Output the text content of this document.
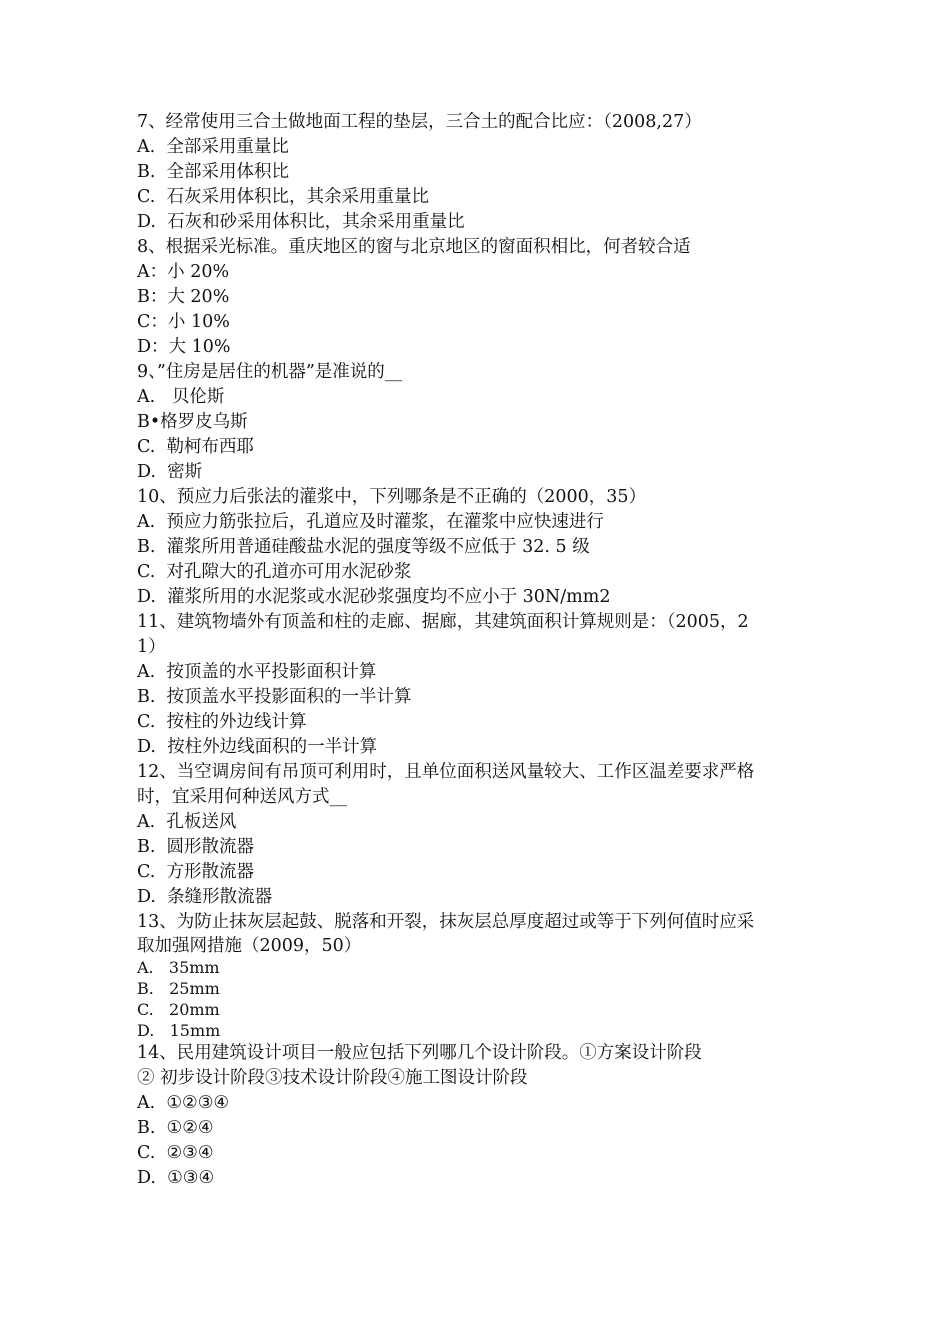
7、经常使用三合土做地面工程的垫层，三合土的配合比应：（2008,27）

A.  全部采用重量比

B.  全部采用体积比

C.  石灰采用体积比，其余采用重量比

D.  石灰和砂采用体积比，其余采用重量比

8、根据采光标准。重庆地区的窗与北京地区的窗面积相比，何者较合适

A：小 20%

B：大 20%

C：小 10%

D：大 10%

9、”住房是居住的机器”是准说的__

A.   贝伦斯

B•格罗皮乌斯

C.  勒柯布西耶

D.  密斯

10、预应力后张法的灌浆中，下列哪条是不正确的（2000，35）

A.  预应力筋张拉后，孔道应及时灌浆，在灌浆中应快速进行

B.  灌浆所用普通硅酸盐水泥的强度等级不应低于 32. 5 级

C.  对孔隙大的孔道亦可用水泥砂浆

D.  灌浆所用的水泥浆或水泥砂浆强度均不应小于 30N/mm2

11、建筑物墙外有顶盖和柱的走廊、据廊，其建筑面积计算规则是：（2005，2

1）

A.  按顶盖的水平投影面积计算

B.  按顶盖水平投影面积的一半计算

C.  按柱的外边线计算

D.  按柱外边线面积的一半计算

12、当空调房间有吊顶可利用时，且单位面积送风量较大、工作区温差要求严格

时，宜采用何种送风方式__

A.  孔板送风

B.  圆形散流器

C.  方形散流器

D.  条缝形散流器

13、为防止抹灰层起鼓、脱落和开裂，抹灰层总厚度超过或等于下列何值时应采

取加强网措施（2009，50）

A.   35mm

B.   25mm

C.   20mm

D.   15mm

14、民用建筑设计项目一般应包括下列哪几个设计阶段。①方案设计阶段

② 初步设计阶段③技术设计阶段④施工图设计阶段

A.  ①②③④

B.  ①②④

C.  ②③④

D.  ①③④
